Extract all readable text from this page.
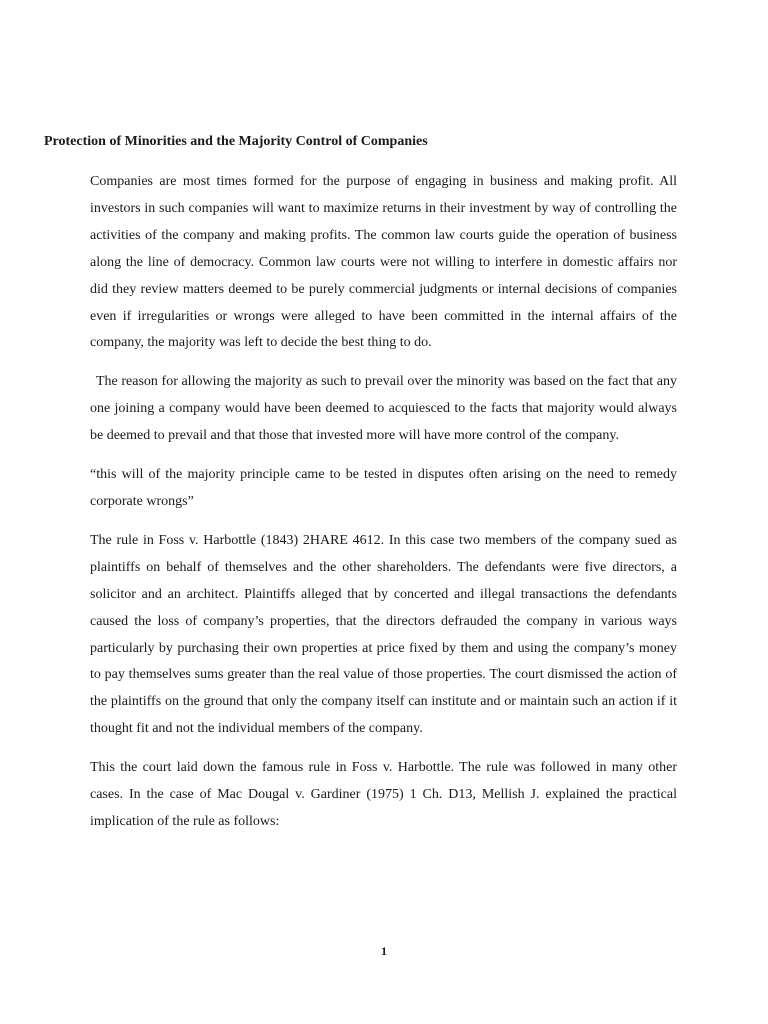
Protection of Minorities and the Majority Control of Companies

Companies are most times formed for the purpose of engaging in business and making profit. All investors in such companies will want to maximize returns in their investment by way of controlling the activities of the company and making profits. The common law courts guide the operation of business along the line of democracy. Common law courts were not willing to interfere in domestic affairs nor did they review matters deemed to be purely commercial judgments or internal decisions of companies even if irregularities or wrongs were alleged to have been committed in the internal affairs of the company, the majority was left to decide the best thing to do.

The reason for allowing the majority as such to prevail over the minority was based on the fact that any one joining a company would have been deemed to acquiesced to the facts that majority would always be deemed to prevail and that those that invested more will have more control of the company.

“this will of the majority principle came to be tested in disputes often arising on the need to remedy corporate wrongs”

The rule in Foss v. Harbottle (1843) 2HARE 4612. In this case two members of the company sued as plaintiffs on behalf of themselves and the other shareholders. The defendants were five directors, a solicitor and an architect. Plaintiffs alleged that by concerted and illegal transactions the defendants caused the loss of company’s properties, that the directors defrauded the company in various ways particularly by purchasing their own properties at price fixed by them and using the company’s money to pay themselves sums greater than the real value of those properties. The court dismissed the action of the plaintiffs on the ground that only the company itself can institute and or maintain such an action if it thought fit and not the individual members of the company.

This the court laid down the famous rule in Foss v. Harbottle. The rule was followed in many other cases. In the case of Mac Dougal v. Gardiner (1975) 1 Ch. D13, Mellish J. explained the practical implication of the rule as follows:

1
